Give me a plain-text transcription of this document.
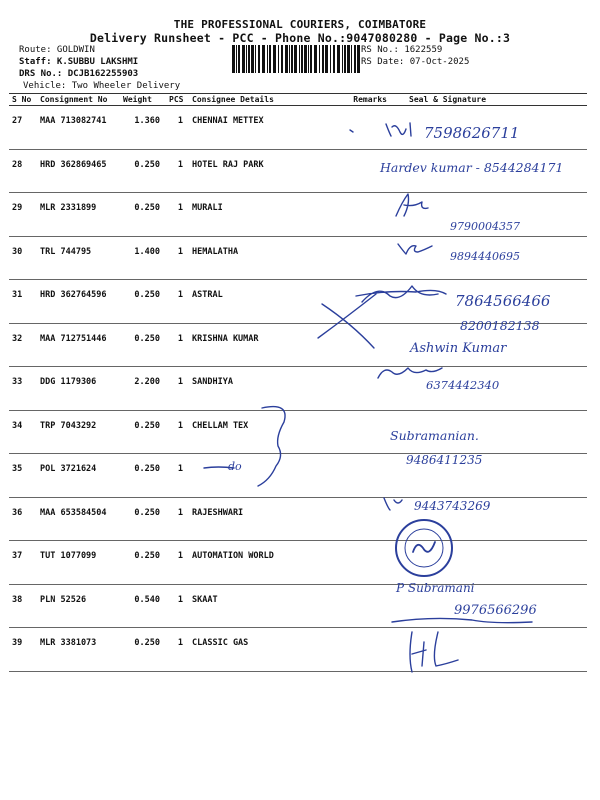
THE PROFESSIONAL COURIERS, COIMBATORE
Delivery Runsheet - PCC - Phone No.:9047080280 - Page No.:3
Route: GOLDWIN
Staff: K.SUBBU LAKSHMI
DRS No.: DCJB162255903
Vehicle: Two Wheeler Delivery
RS No.: 1622559
RS Date: 07-Oct-2025
S No	Consignment No	Weight	PCS	Consignee Details	Remarks	Seal & Signature
27	MAA 713082741	1.360	1	CHENNAI METTEX		
28	HRD 362869465	0.250	1	HOTEL RAJ PARK		
29	MLR 2331899	0.250	1	MURALI		
30	TRL 744795	1.400	1	HEMALATHA		
31	HRD 362764596	0.250	1	ASTRAL		
32	MAA 712751446	0.250	1	KRISHNA KUMAR		
33	DDG 1179306	2.200	1	SANDHIYA		
34	TRP 7043292	0.250	1	CHELLAM TEX		
35	POL 3721624	0.250	1			
36	MAA 653584504	0.250	1	RAJESHWARI		
37	TUT 1077099	0.250	1	AUTOMATION WORLD		
38	PLN 52526	0.540	1	SKAAT		
39	MLR 3381073	0.250	1	CLASSIC GAS		
7598626711
Hardev kumar - 8544284171
9790004357
9894440695
7864566466
8200182138
Ashwin Kumar
6374442340
do
Subramanian.
9486411235
9443743269
P Subramani
9976566296
